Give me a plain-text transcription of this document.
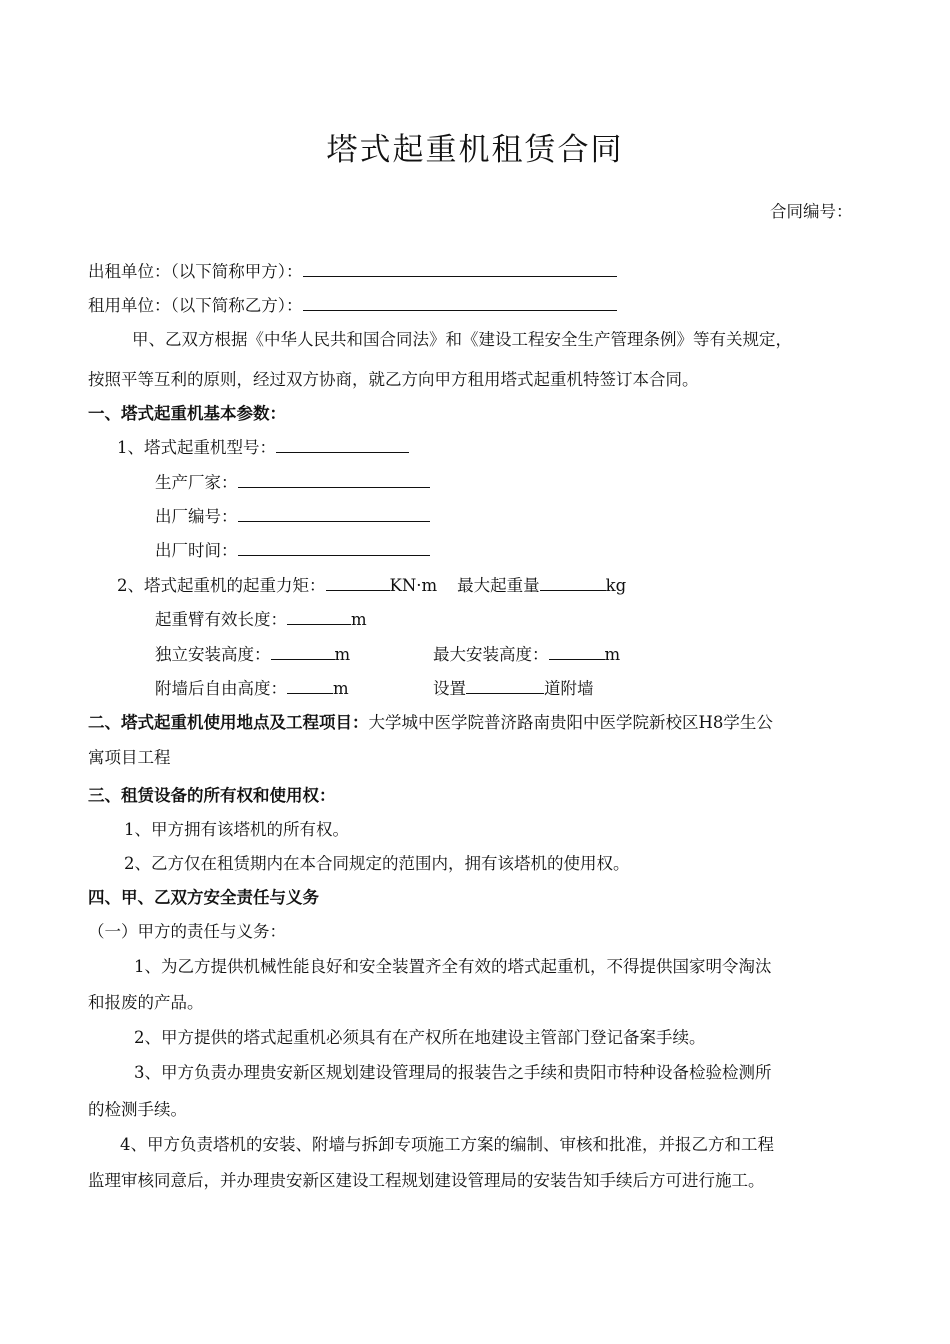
塔式起重机租赁合同
合同编号：
出租单位：（以下简称甲方）：
租用单位：（以下简称乙方）：
甲、乙双方根据《中华人民共和国合同法》和《建设工程安全生产管理条例》等有关规定，
按照平等互利的原则，经过双方协商，就乙方向甲方租用塔式起重机特签订本合同。
一、塔式起重机基本参数：
1、塔式起重机型号：
生产厂家：
出厂编号：
出厂时间：
2、塔式起重机的起重力矩：	KN·m 最大起重量	kg
起重臂有效长度：	m
独立安装高度：	m	最大安装高度：	m
附墙后自由高度：	m	设置	道附墙
二、塔式起重机使用地点及工程项目：大学城中医学院普济路南贵阳中医学院新校区H8学生公
寓项目工程
三、租赁设备的所有权和使用权：
1、甲方拥有该塔机的所有权。
2、乙方仅在租赁期内在本合同规定的范围内，拥有该塔机的使用权。
四、甲、乙双方安全责任与义务
（一）甲方的责任与义务：
1、为乙方提供机械性能良好和安全装置齐全有效的塔式起重机，不得提供国家明令淘汰
和报废的产品。
2、甲方提供的塔式起重机必须具有在产权所在地建设主管部门登记备案手续。
3、甲方负责办理贵安新区规划建设管理局的报装告之手续和贵阳市特种设备检验检测所
的检测手续。
4、甲方负责塔机的安装、附墙与拆卸专项施工方案的编制、审核和批准，并报乙方和工程
监理审核同意后，并办理贵安新区建设工程规划建设管理局的安装告知手续后方可进行施工。
